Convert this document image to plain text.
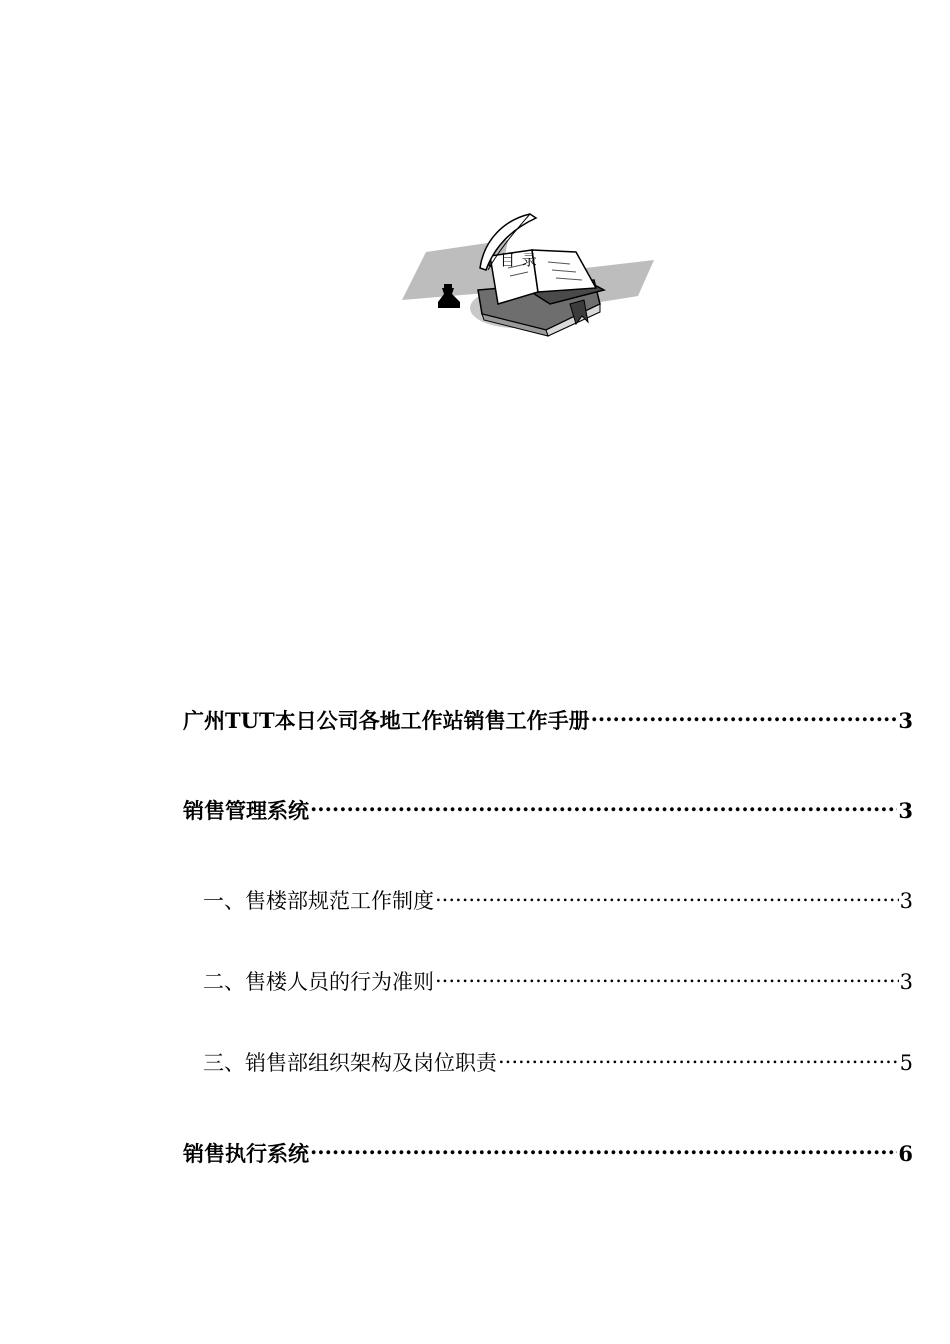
目 录
广州TUT本日公司各地工作站销售工作手册 .....	3
销售管理系统 .....	3
一、售楼部规范工作制度 .....	3
二、售楼人员的行为准则 .....	3
三、销售部组织架构及岗位职责 .....	5
销售执行系统 .....	6
